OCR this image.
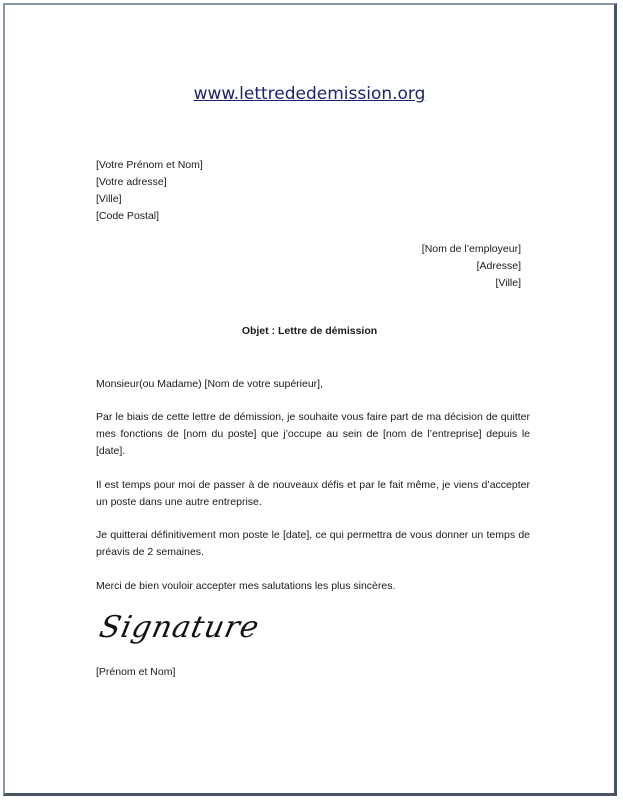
www.lettrededemission.org
[Votre Prénom et Nom]
[Votre adresse]
[Ville]
[Code Postal]
[Nom de l’employeur]
[Adresse]
[Ville]
Objet : Lettre de démission
Monsieur(ou Madame) [Nom de votre supérieur],
Par le biais de cette lettre de démission, je souhaite vous faire part de ma décision de quitter mes fonctions de [nom du poste] que j’occupe au sein de [nom de l’entreprise] depuis le [date].
Il est temps pour moi de passer à de nouveaux défis et par le fait même, je viens d’accepter un poste dans une autre entreprise.
Je quitterai définitivement mon poste le [date], ce qui permettra de vous donner un temps de préavis de 2 semaines.
Merci de bien vouloir accepter mes salutations les plus sincères.
Signature
[Prénom et Nom]
